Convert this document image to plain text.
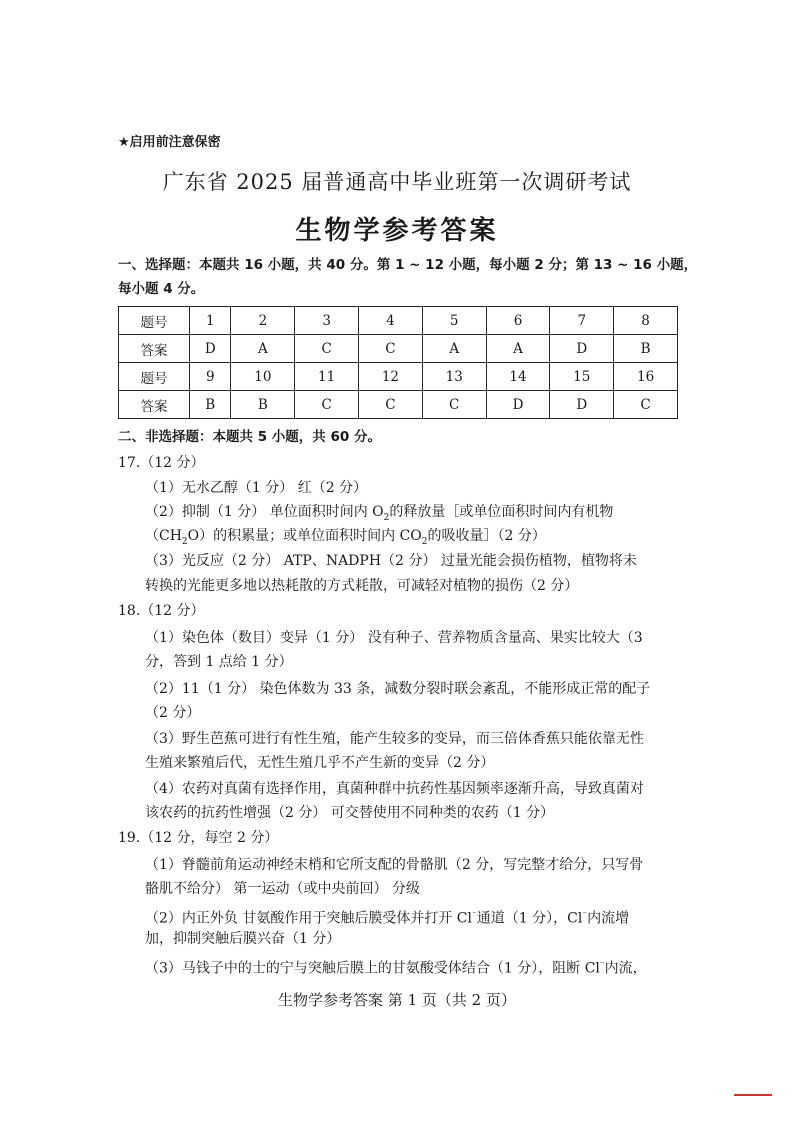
★启用前注意保密
广东省 2025 届普通高中毕业班第一次调研考试
生物学参考答案
一、选择题：本题共 16 小题，共 40 分。第 1 ~ 12 小题，每小题 2 分；第 13 ~ 16 小题，
每小题 4 分。
题号	1	2	3	4	5	6	7	8
答案	D	A	C	C	A	A	D	B
题号	9	10	11	12	13	14	15	16
答案	B	B	C	C	C	D	D	C
二、非选择题：本题共 5 小题，共 60 分。
17.（12 分）
（1）无水乙醇（1 分） 红（2 分）
（2）抑制（1 分） 单位面积时间内 $O_2$的释放量［或单位面积时间内有机物
$(CH_2O)$的积累量；或单位面积时间内 $CO_2$的吸收量］（2 分）
（3）光反应（2 分） ATP、NADPH（2 分） 过量光能会损伤植物，植物将未
转换的光能更多地以热耗散的方式耗散，可减轻对植物的损伤（2 分）
18.（12 分）
（1）染色体（数目）变异（1 分） 没有种子、营养物质含量高、果实比较大（3
分，答到 1 点给 1 分）
（2）11（1 分） 染色体数为 33 条，减数分裂时联会紊乱，不能形成正常的配子
（2 分）
（3）野生芭蕉可进行有性生殖，能产生较多的变异，而三倍体香蕉只能依靠无性
生殖来繁殖后代，无性生殖几乎不产生新的变异（2 分）
（4）农药对真菌有选择作用，真菌种群中抗药性基因频率逐渐升高，导致真菌对
该农药的抗药性增强（2 分） 可交替使用不同种类的农药（1 分）
19.（12 分，每空 2 分）
（1）脊髓前角运动神经末梢和它所支配的骨骼肌（2 分，写完整才给分，只写骨
骼肌不给分） 第一运动（或中央前回） 分级
（2）内正外负 甘氨酸作用于突触后膜受体并打开 Cl⁻通道（1 分），Cl⁻内流增
加，抑制突触后膜兴奋（1 分）
（3）马钱子中的士的宁与突触后膜上的甘氨酸受体结合（1 分），阻断 Cl⁻内流，
生物学参考答案 第 1 页（共 2 页）
